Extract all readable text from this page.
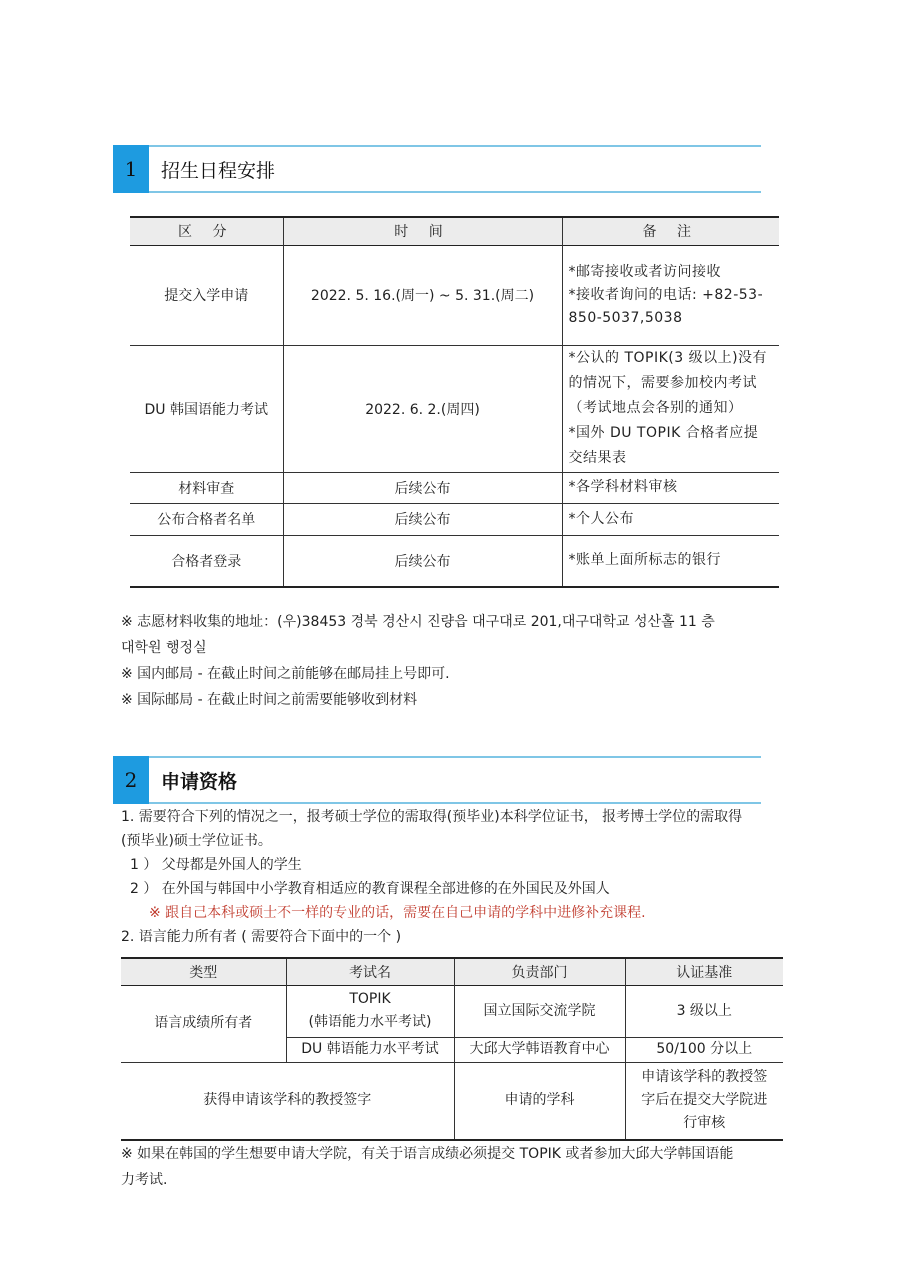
1	招生日程安排
区 分	时 间	备 注
提交入学申请	2022. 5. 16.(周一) ~ 5. 31.(周二)	*邮寄接收或者访问接收
*接收者询问的电话: +82-53-
850-5037,5038

DU 韩国语能力考试	2022. 6. 2.(周四)	*公认的 TOPIK(3 级以上)没有
的情况下，需要参加校内考试
（考试地点会各别的通知）
*国外 DU TOPIK 合格者应提
交结果表

材料审查	后续公布	*各学科材料审核
公布合格者名单	后续公布	*个人公布
合格者登录	后续公布	*账单上面所标志的银行
※ 志愿材料收集的地址：(우)38453 경북 경산시 진량읍 대구대로 201,대구대학교 성산홀 11 층
대학원 행정실
※ 国内邮局 - 在截止时间之前能够在邮局挂上号即可.
※ 国际邮局 - 在截止时间之前需要能够收到材料
2	申请资格
1. 需要符合下列的情况之一，报考硕士学位的需取得(预毕业)本科学位证书， 报考博士学位的需取得
(预毕业)硕士学位证书。
1 ） 父母都是外国人的学生
2 ） 在外国与韩国中小学教育相适应的教育课程全部进修的在外国民及外国人
※ 跟自己本科或硕士不一样的专业的话，需要在自己申请的学科中进修补充课程.
2. 语言能力所有者 ( 需要符合下面中的一个 )
类型	考试名	负责部门	认证基准
语言成绩所有者	TOPIK
(韩语能力水平考试)	国立国际交流学院	3 级以上
	DU 韩语能力水平考试	大邱大学韩语教育中心	50/100 分以上
获得申请该学科的教授签字		申请的学科	申请该学科的教授签
字后在提交大学院进
行审核
※ 如果在韩国的学生想要申请大学院，有关于语言成绩必须提交 TOPIK 或者参加大邱大学韩国语能
力考试.
